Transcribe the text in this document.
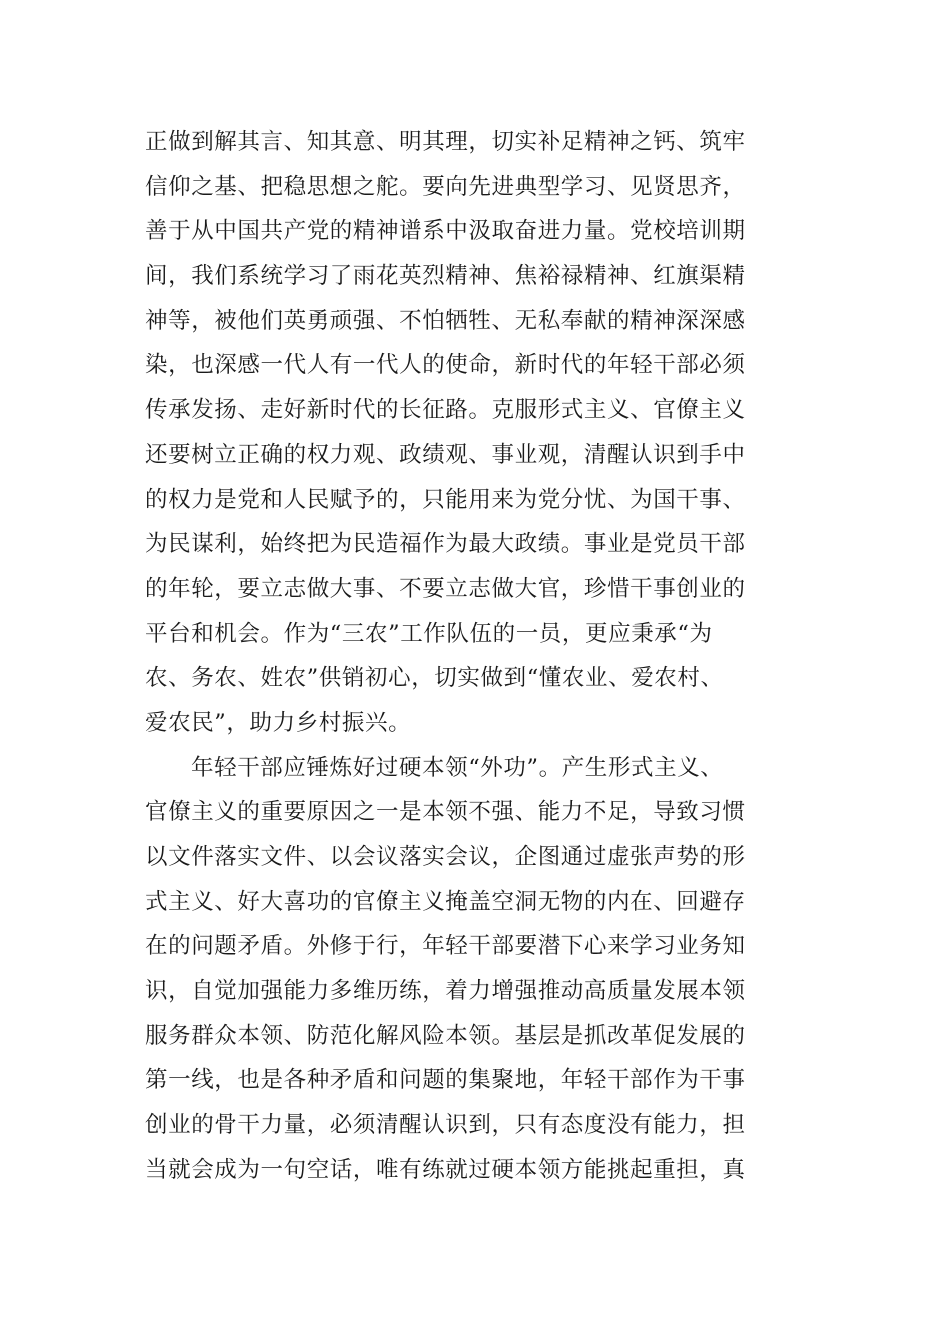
正做到解其言、知其意、明其理，切实补足精神之钙、筑牢
信仰之基、把稳思想之舵。要向先进典型学习、见贤思齐，
善于从中国共产党的精神谱系中汲取奋进力量。党校培训期
间，我们系统学习了雨花英烈精神、焦裕禄精神、红旗渠精
神等，被他们英勇顽强、不怕牺牲、无私奉献的精神深深感
染，也深感一代人有一代人的使命，新时代的年轻干部必须
传承发扬、走好新时代的长征路。克服形式主义、官僚主义
还要树立正确的权力观、政绩观、事业观，清醒认识到手中
的权力是党和人民赋予的，只能用来为党分忧、为国干事、
为民谋利，始终把为民造福作为最大政绩。事业是党员干部
的年轮，要立志做大事、不要立志做大官，珍惜干事创业的
平台和机会。作为“三农”工作队伍的一员，更应秉承“为
农、务农、姓农”供销初心，切实做到“懂农业、爱农村、
爱农民”，助力乡村振兴。
年轻干部应锤炼好过硬本领“外功”。产生形式主义、
官僚主义的重要原因之一是本领不强、能力不足，导致习惯
以文件落实文件、以会议落实会议，企图通过虚张声势的形
式主义、好大喜功的官僚主义掩盖空洞无物的内在、回避存
在的问题矛盾。外修于行，年轻干部要潜下心来学习业务知
识，自觉加强能力多维历练，着力增强推动高质量发展本领
服务群众本领、防范化解风险本领。基层是抓改革促发展的
第一线，也是各种矛盾和问题的集聚地，年轻干部作为干事
创业的骨干力量，必须清醒认识到，只有态度没有能力，担
当就会成为一句空话，唯有练就过硬本领方能挑起重担，真
